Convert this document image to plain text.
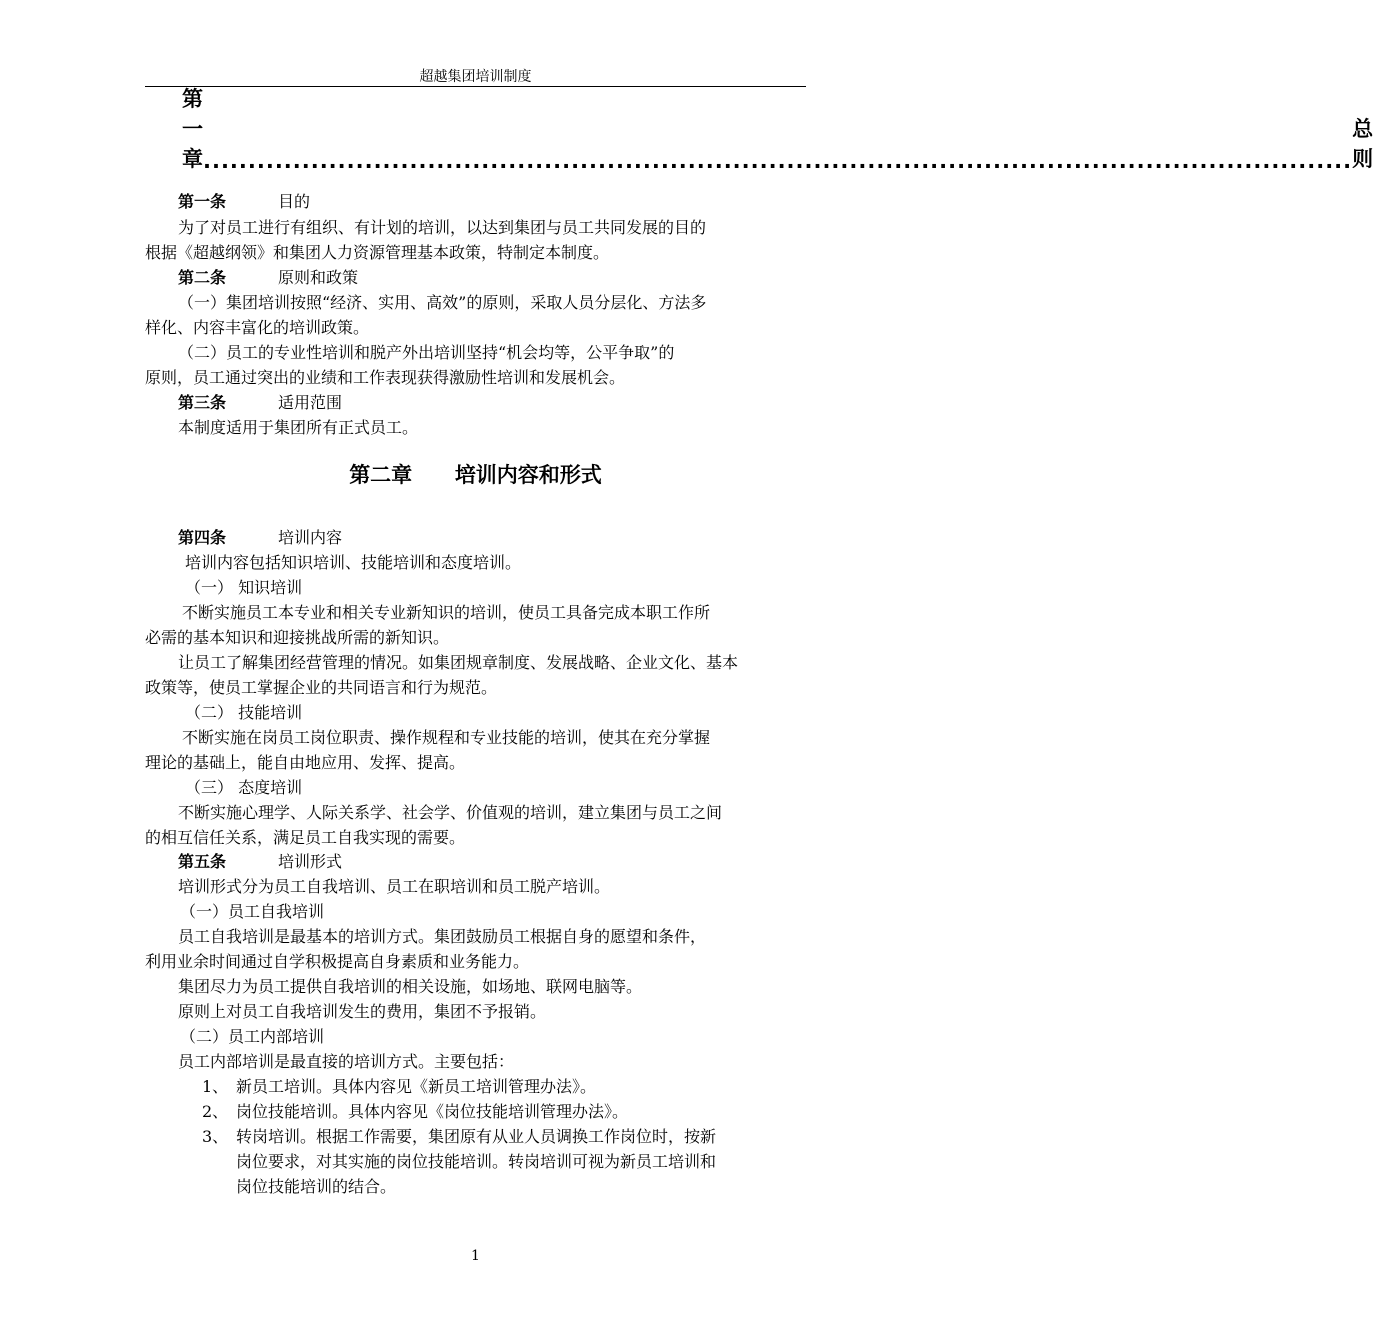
超越集团培训制度
第一章 ................................................................................................................................
总则
第一条	目的
为了对员工进行有组织、有计划的培训，以达到集团与员工共同发展的目的
根据《超越纲领》和集团人力资源管理基本政策，特制定本制度。
第二条	原则和政策
（一）集团培训按照“经济、实用、高效”的原则，采取人员分层化、方法多
样化、内容丰富化的培训政策。
（二）员工的专业性培训和脱产外出培训坚持“机会均等，公平争取”的
原则，员工通过突出的业绩和工作表现获得激励性培训和发展机会。
第三条	适用范围
本制度适用于集团所有正式员工。
第二章 培训内容和形式
第四条	培训内容
培训内容包括知识培训、技能培训和态度培训。
（一） 知识培训
不断实施员工本专业和相关专业新知识的培训，使员工具备完成本职工作所
必需的基本知识和迎接挑战所需的新知识。
让员工了解集团经营管理的情况。如集团规章制度、发展战略、企业文化、基本
政策等，使员工掌握企业的共同语言和行为规范。
（二） 技能培训
不断实施在岗员工岗位职责、操作规程和专业技能的培训，使其在充分掌握
理论的基础上，能自由地应用、发挥、提高。
（三） 态度培训
不断实施心理学、人际关系学、社会学、价值观的培训，建立集团与员工之间
的相互信任关系，满足员工自我实现的需要。
第五条	培训形式
培训形式分为员工自我培训、员工在职培训和员工脱产培训。
（一）员工自我培训
员工自我培训是最基本的培训方式。集团鼓励员工根据自身的愿望和条件，
利用业余时间通过自学积极提高自身素质和业务能力。
集团尽力为员工提供自我培训的相关设施，如场地、联网电脑等。
原则上对员工自我培训发生的费用，集团不予报销。
（二）员工内部培训
员工内部培训是最直接的培训方式。主要包括：
1、 新员工培训。具体内容见《新员工培训管理办法》。
2、 岗位技能培训。具体内容见《岗位技能培训管理办法》。
3、 转岗培训。根据工作需要，集团原有从业人员调换工作岗位时，按新
岗位要求，对其实施的岗位技能培训。转岗培训可视为新员工培训和
岗位技能培训的结合。
1
